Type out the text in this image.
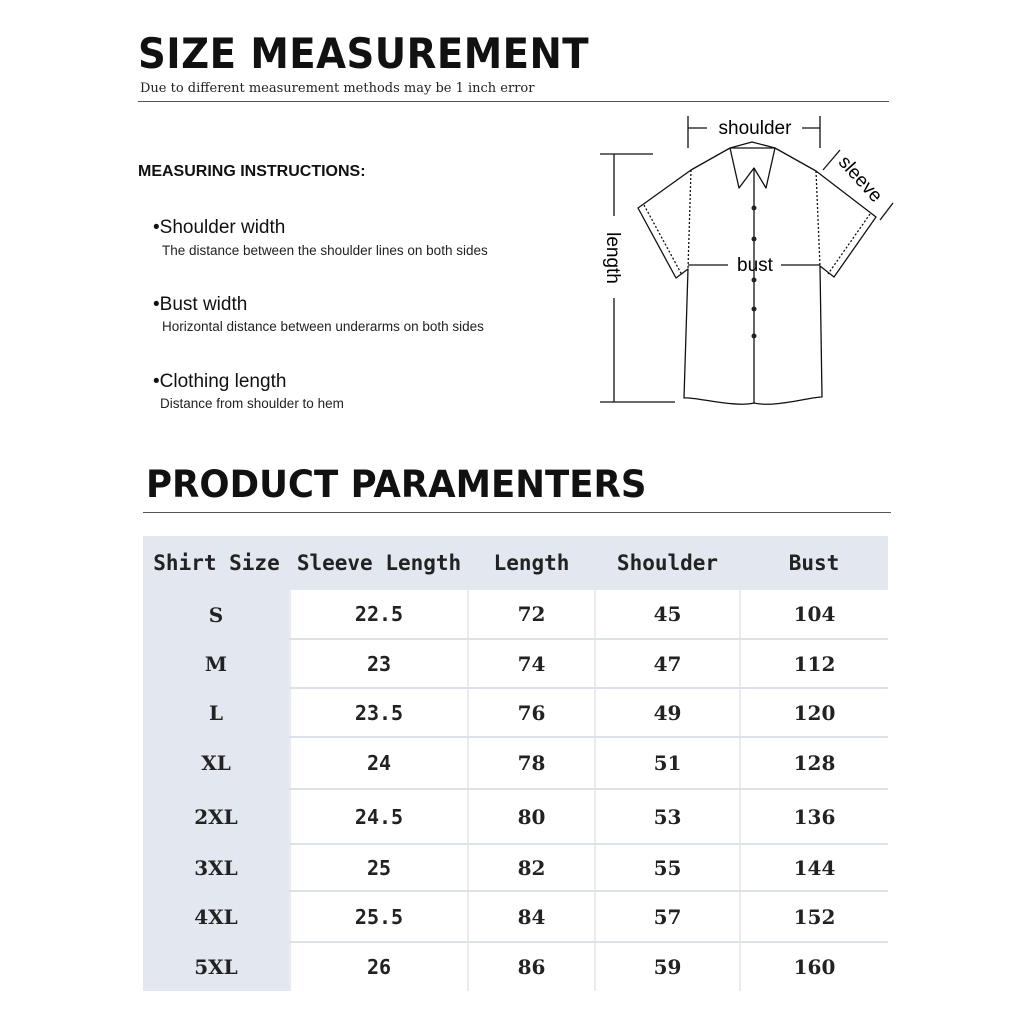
SIZE MEASUREMENT
Due to different measurement methods may be 1 inch error
MEASURING INSTRUCTIONS:
•Shoulder width
The distance between the shoulder lines on both sides
•Bust width
Horizontal distance between underarms on both sides
•Clothing length
Distance from shoulder to hem
shoulder
sleeve
length	bust
PRODUCT PARAMENTERS
Shirt Size	Sleeve Length	Length	Shoulder	Bust
S	22.5	72	45	104
M	23	74	47	112
L	23.5	76	49	120
XL	24	78	51	128
2XL	24.5	80	53	136
3XL	25	82	55	144
4XL	25.5	84	57	152
5XL	26	86	59	160
